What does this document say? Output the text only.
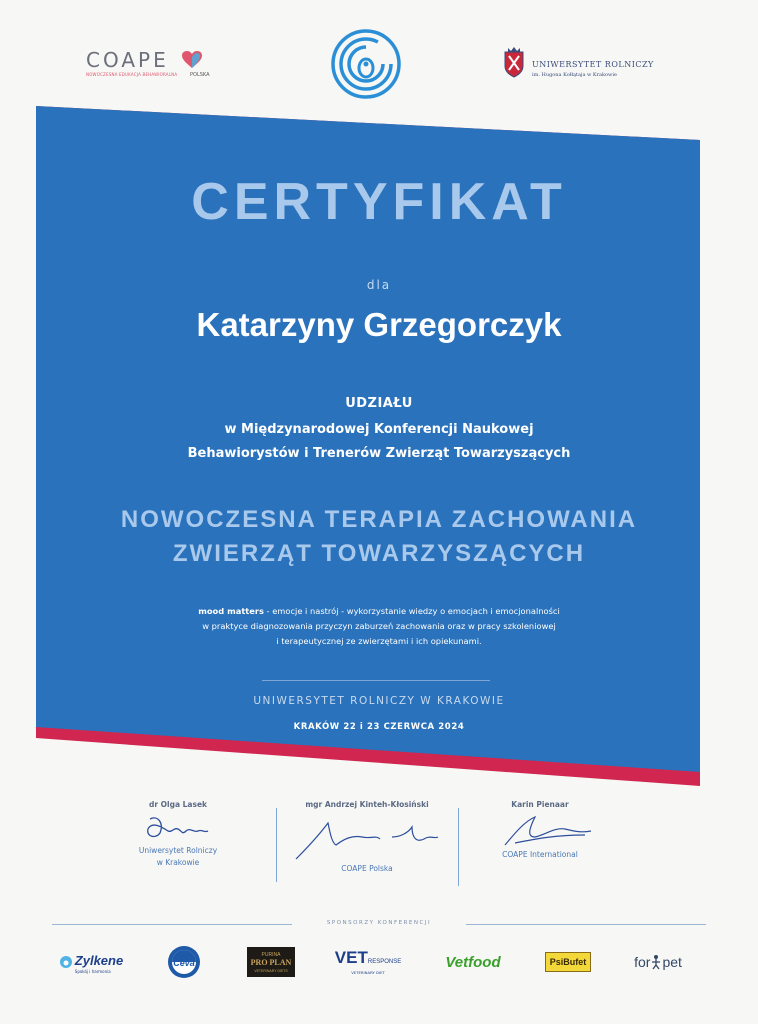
COAPE
NOWOCZESNA EDUKACJA BEHAWIORALNA	POLSKA
UNIWERSYTET ROLNICZY
im. Hugona Kołłątaja w Krakowie
CERTYFIKAT
dla
Katarzyny Grzegorczyk
UDZIAŁU
w Międzynarodowej Konferencji Naukowej
Behawiorystów i Trenerów Zwierząt Towarzyszących
NOWOCZESNA TERAPIA ZACHOWANIA
ZWIERZĄT TOWARZYSZĄCYCH
mood matters - emocje i nastrój - wykorzystanie wiedzy o emocjach i emocjonalności
w praktyce diagnozowania przyczyn zaburzeń zachowania oraz w pracy szkoleniowej
i terapeutycznej ze zwierzętami i ich opiekunami.
UNIWERSYTET ROLNICZY W KRAKOWIE
KRAKÓW 22 i 23 CZERWCA 2024
dr Olga Lasek
Uniwersytet Rolniczy
w Krakowie
mgr Andrzej Kinteh-Kłosiński
COAPE Polska
Karin Pienaar
COAPE International
SPONSORZY KONFERENCJI
Zylkene
Spokój i harmonia
Ceva
PURINA
PRO PLAN
VETERINARY DIETS
VETRESPONSE
VETERINARY DIET
Vetfood	PsiBufet	for pet
